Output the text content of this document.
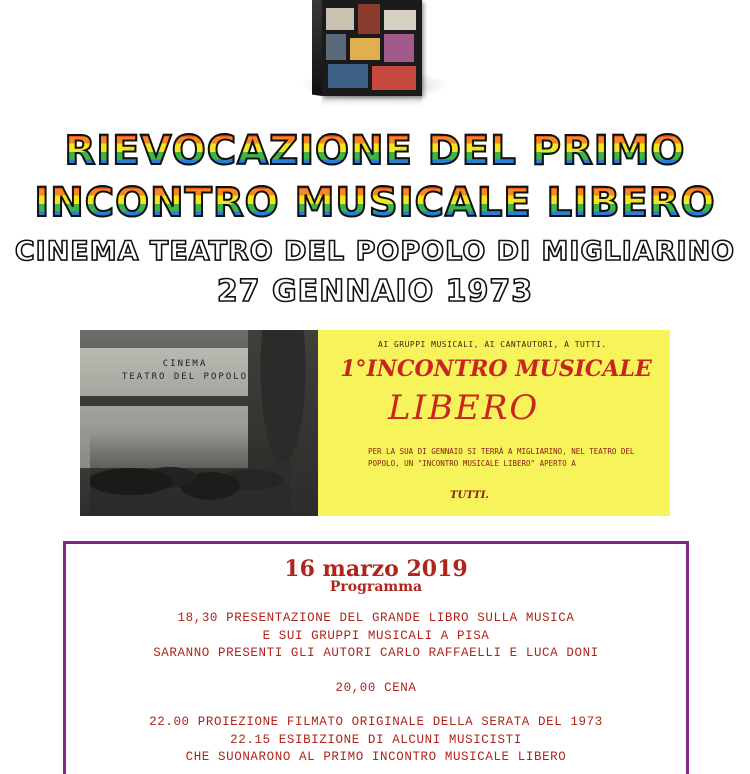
RIEVOCAZIONE DEL PRIMO
INCONTRO MUSICALE LIBERO
CINEMA TEATRO DEL POPOLO DI MIGLIARINO
27 GENNAIO 1973
CINEMA
TEATRO DEL POPOLO
AI GRUPPI MUSICALI, AI CANTAUTORI, A TUTTI.
1°INCONTRO MUSICALE
LIBERO
PER LA SUA DI GENNAIO SI TERRÀ A MIGLIARINO, NEL TEATRO DEL POPOLO, UN "INCONTRO MUSICALE LIBERO" APERTO A
TUTTI.
16 marzo 2019
Programma
18,30 PRESENTAZIONE DEL GRANDE LIBRO SULLA MUSICA
E SUI GRUPPI MUSICALI A PISA
SARANNO PRESENTI GLI AUTORI CARLO RAFFAELLI E LUCA DONI
20,00 CENA
22.00 PROIEZIONE FILMATO ORIGINALE DELLA SERATA DEL 1973
22.15 ESIBIZIONE DI ALCUNI MUSICISTI
CHE SUONARONO AL PRIMO INCONTRO MUSICALE LIBERO
